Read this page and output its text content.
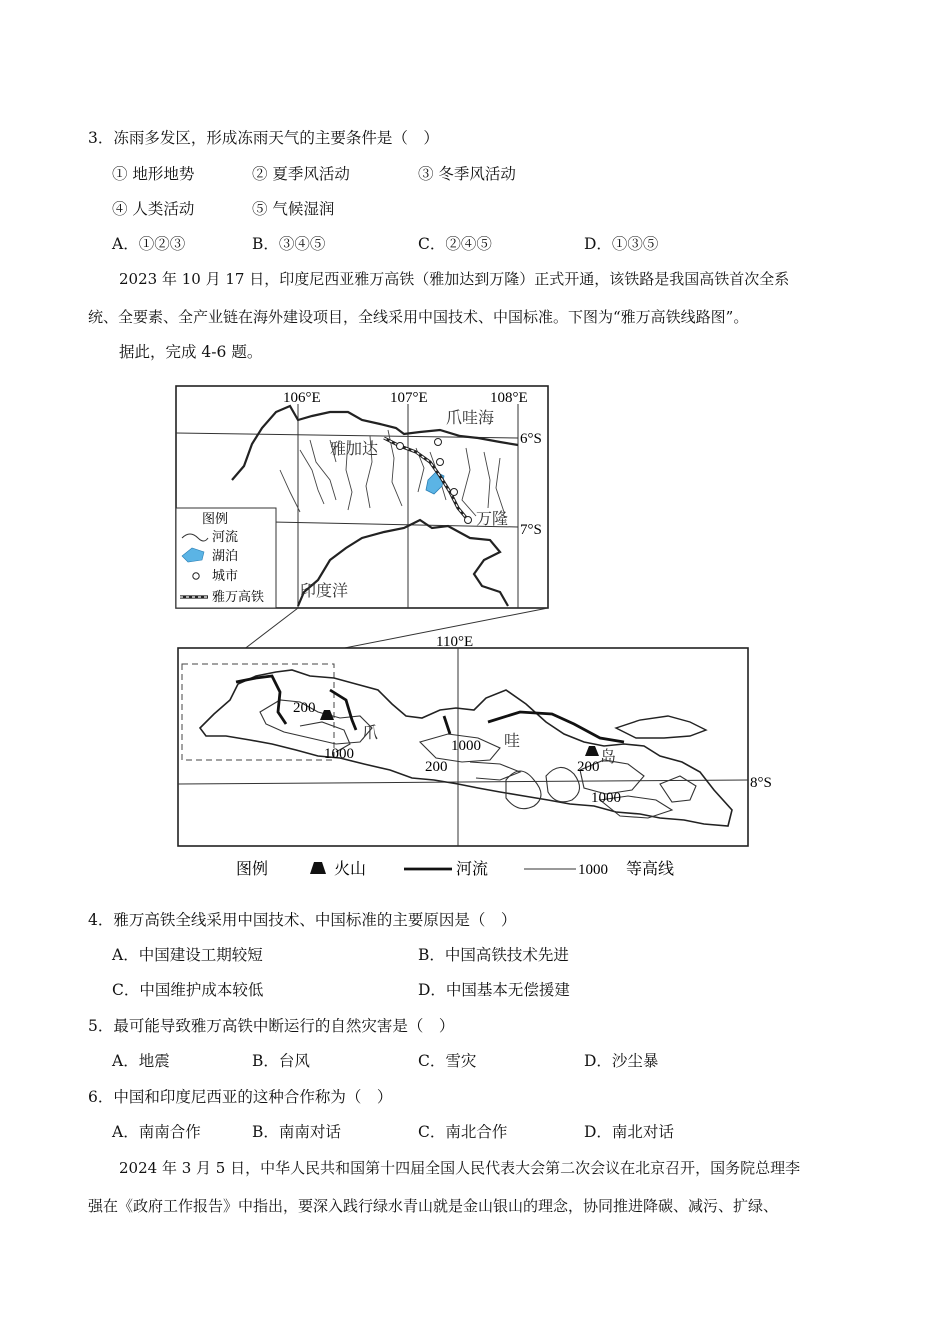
3．冻雨多发区，形成冻雨天气的主要条件是（　）
① 地形地势	② 夏季风活动	③ 冬季风活动
④ 人类活动	⑤ 气候湿润
A．①②③	B．③④⑤	C．②④⑤	D．①③⑤
2023 年 10 月 17 日，印度尼西亚雅万高铁（雅加达到万隆）正式开通，该铁路是我国高铁首次全系
统、全要素、全产业链在海外建设项目，全线采用中国技术、中国标准。下图为“雅万高铁线路图”。
据此，完成 4-6 题。
106°E	107°E	108°E
6°S
7°S
爪哇海
雅加达
万隆
印度洋
图例
河流
湖泊
城市
雅万高铁
110°E
8°S
200
1000	1000
200	200
1000
爪	哇
岛
图例	火山	河流	1000 等高线
4．雅万高铁全线采用中国技术、中国标准的主要原因是（　）
A．中国建设工期较短	B．中国高铁技术先进
C．中国维护成本较低	D．中国基本无偿援建
5．最可能导致雅万高铁中断运行的自然灾害是（　）
A．地震	B．台风	C．雪灾	D．沙尘暴
6．中国和印度尼西亚的这种合作称为（　）
A．南南合作	B．南南对话	C．南北合作	D．南北对话
2024 年 3 月 5 日，中华人民共和国第十四届全国人民代表大会第二次会议在北京召开，国务院总理李
强在《政府工作报告》中指出，要深入践行绿水青山就是金山银山的理念，协同推进降碳、减污、扩绿、
